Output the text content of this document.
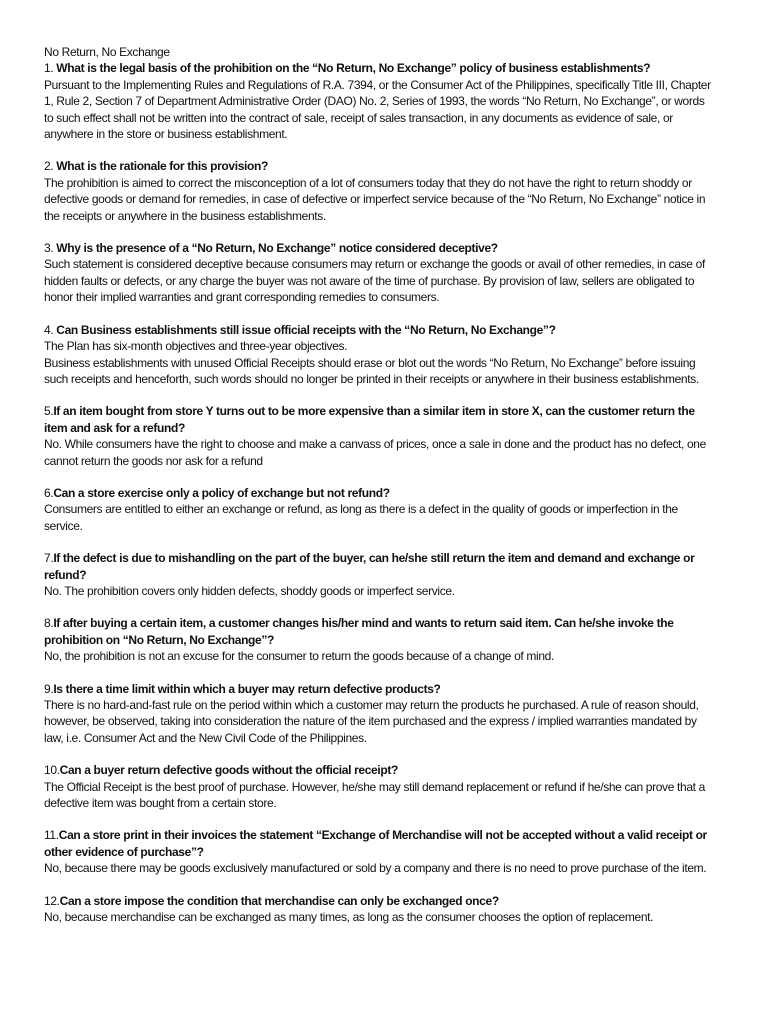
No Return, No Exchange

1. What is the legal basis of the prohibition on the “No Return, No Exchange” policy of business establishments?

Pursuant to the Implementing Rules and Regulations of R.A. 7394, or the Consumer Act of the Philippines, specifically Title III, Chapter 1, Rule 2, Section 7 of Department Administrative Order (DAO) No. 2, Series of 1993, the words “No Return, No Exchange”, or words to such effect shall not be written into the contract of sale, receipt of sales transaction, in any documents as evidence of sale, or anywhere in the store or business establishment.

2. What is the rationale for this provision?

The prohibition is aimed to correct the misconception of a lot of consumers today that they do not have the right to return shoddy or defective goods or demand for remedies, in case of defective or imperfect service because of the “No Return, No Exchange” notice in the receipts or anywhere in the business establishments.

3. Why is the presence of a “No Return, No Exchange” notice considered deceptive?

Such statement is considered deceptive because consumers may return or exchange the goods or avail of other remedies, in case of hidden faults or defects, or any charge the buyer was not aware of the time of purchase. By provision of law, sellers are obligated to honor their implied warranties and grant corresponding remedies to consumers.

4. Can Business establishments still issue official receipts with the “No Return, No Exchange”?

The Plan has six-month objectives and three-year objectives.

Business establishments with unused Official Receipts should erase or blot out the words “No Return, No Exchange” before issuing such receipts and henceforth, such words should no longer be printed in their receipts or anywhere in their business establishments.

5.If an item bought from store Y turns out to be more expensive than a similar item in store X, can the customer return the item and ask for a refund?

No. While consumers have the right to choose and make a canvass of prices, once a sale in done and the product has no defect, one cannot return the goods nor ask for a refund

6.Can a store exercise only a policy of exchange but not refund?

Consumers are entitled to either an exchange or refund, as long as there is a defect in the quality of goods or imperfection in the service.

7.If the defect is due to mishandling on the part of the buyer, can he/she still return the item and demand and exchange or refund?

No. The prohibition covers only hidden defects, shoddy goods or imperfect service.

8.If after buying a certain item, a customer changes his/her mind and wants to return said item. Can he/she invoke the prohibition on “No Return, No Exchange”?

No, the prohibition is not an excuse for the consumer to return the goods because of a change of mind.

9.Is there a time limit within which a buyer may return defective products?

There is no hard-and-fast rule on the period within which a customer may return the products he purchased. A rule of reason should, however, be observed, taking into consideration the nature of the item purchased and the express / implied warranties mandated by law, i.e. Consumer Act and the New Civil Code of the Philippines.

10.Can a buyer return defective goods without the official receipt?

The Official Receipt is the best proof of purchase. However, he/she may still demand replacement or refund if he/she can prove that a defective item was bought from a certain store.

11.Can a store print in their invoices the statement “Exchange of Merchandise will not be accepted without a valid receipt or other evidence of purchase”?

No, because there may be goods exclusively manufactured or sold by a company and there is no need to prove purchase of the item.

12.Can a store impose the condition that merchandise can only be exchanged once?

No, because merchandise can be exchanged as many times, as long as the consumer chooses the option of replacement.
